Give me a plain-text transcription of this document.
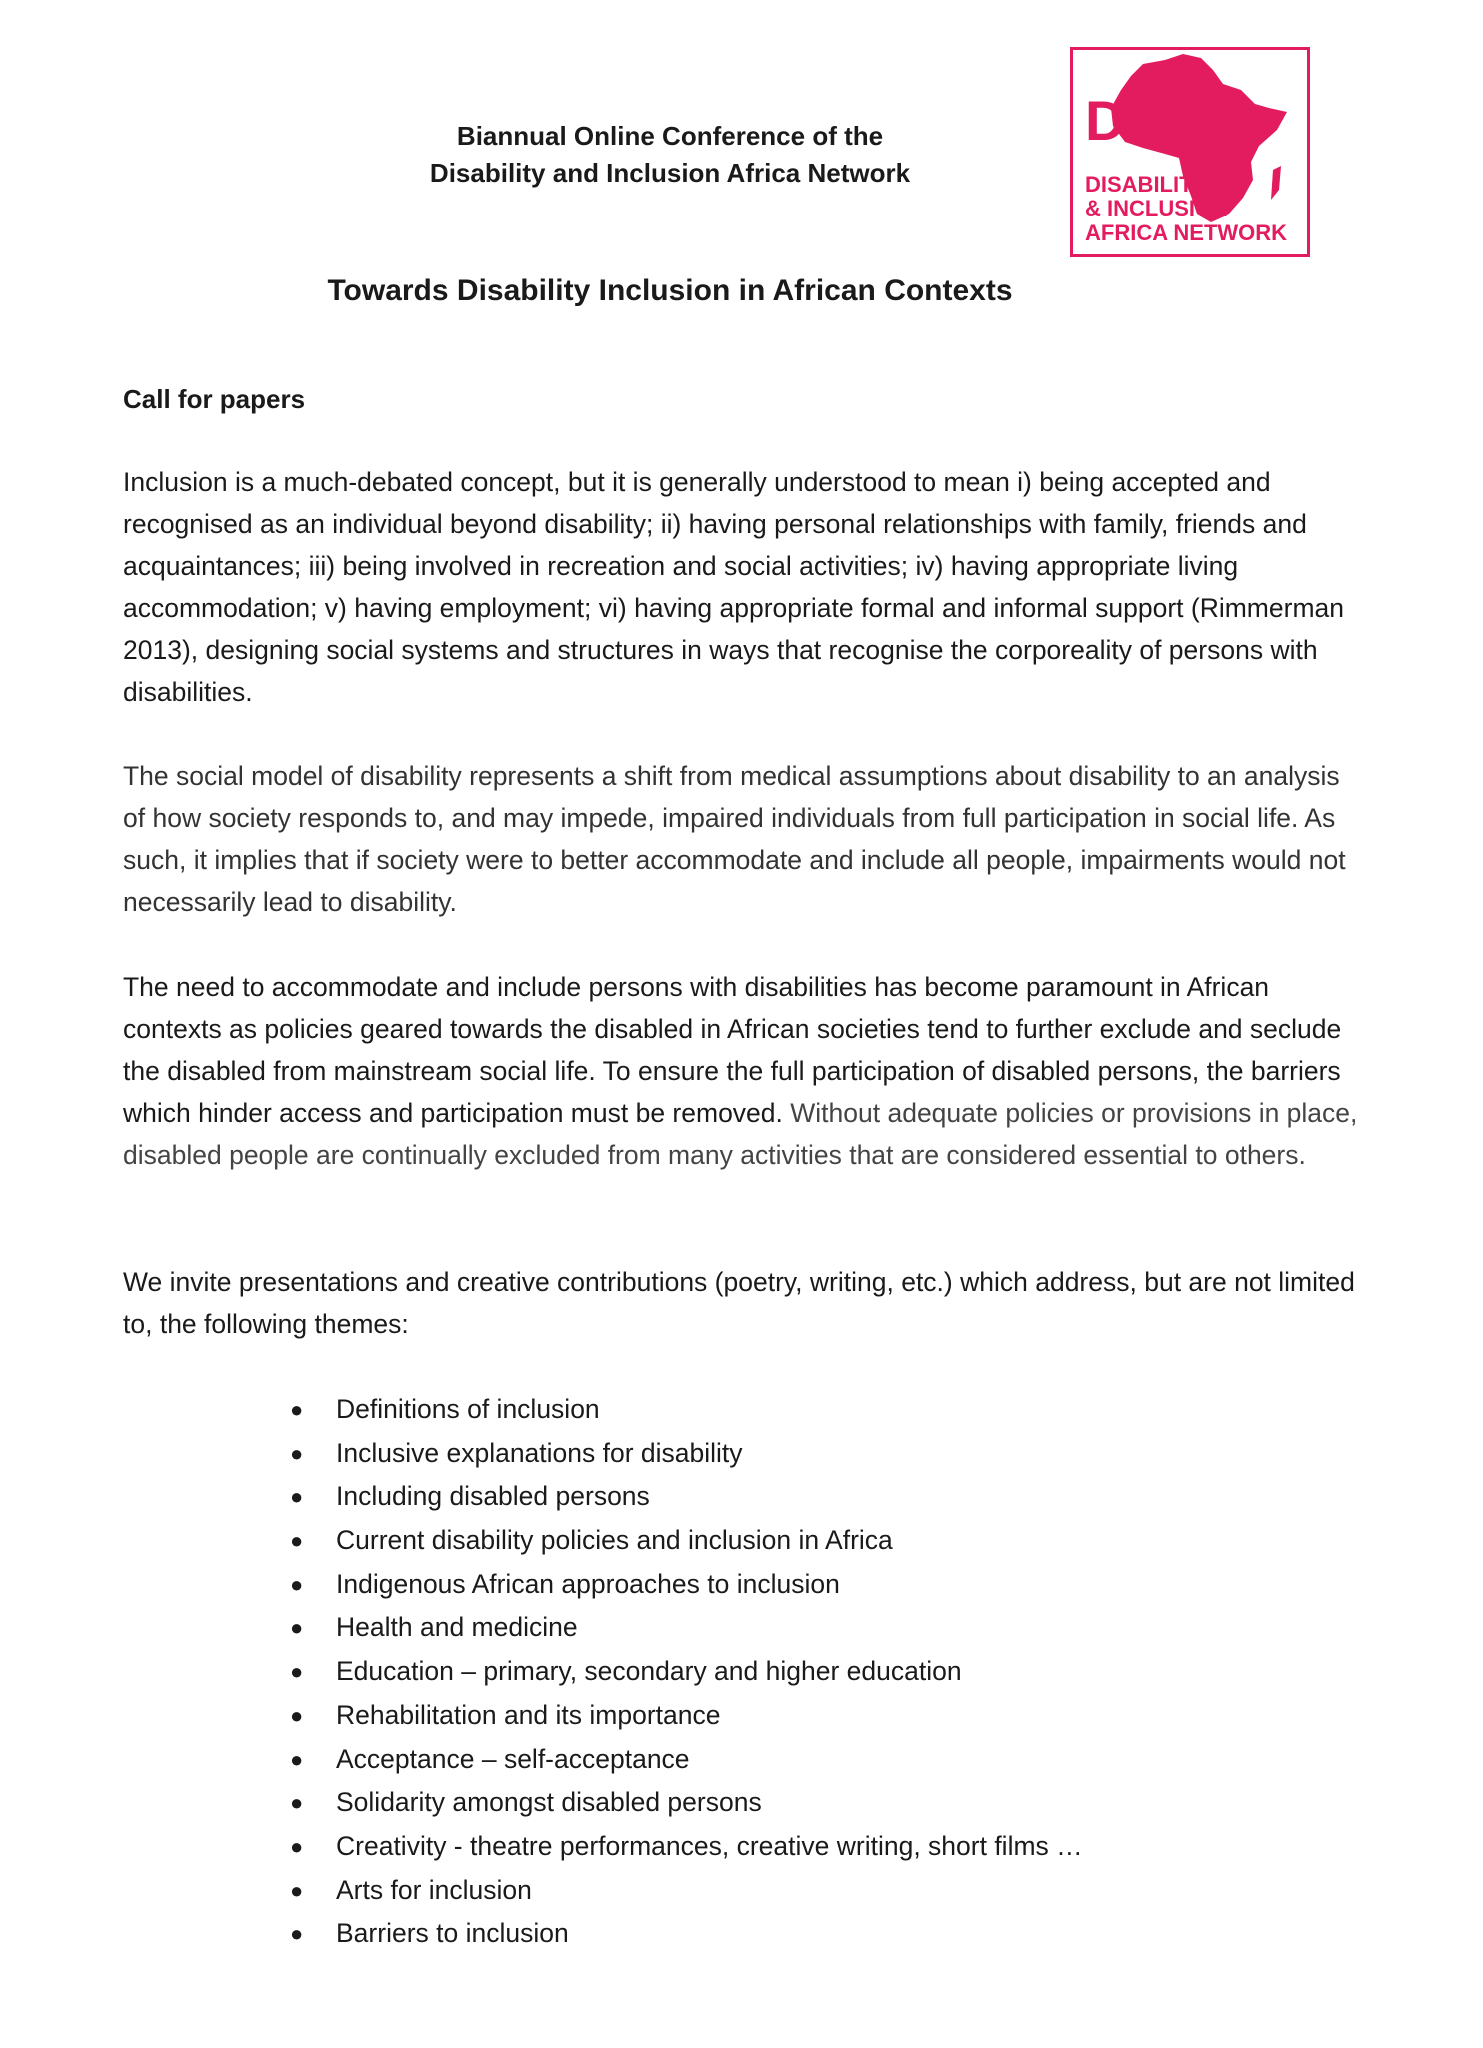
Biannual Online Conference of the
Disability and Inclusion Africa Network
DIA
DISABILITY
& INCLUSION
AFRICA NETWORK
Towards Disability Inclusion in African Contexts
Call for papers

Inclusion is a much-debated concept, but it is generally understood to mean i) being accepted and recognised as an individual beyond disability; ii) having personal relationships with family, friends and acquaintances; iii) being involved in recreation and social activities; iv) having appropriate living accommodation; v) having employment; vi) having appropriate formal and informal support (Rimmerman 2013), designing social systems and structures in ways that recognise the corporeality of persons with disabilities.

The social model of disability represents a shift from medical assumptions about disability to an analysis of how society responds to, and may impede, impaired individuals from full participation in social life. As such, it implies that if society were to better accommodate and include all people, impairments would not necessarily lead to disability.

The need to accommodate and include persons with disabilities has become paramount in African contexts as policies geared towards the disabled in African societies tend to further exclude and seclude the disabled from mainstream social life. To ensure the full participation of disabled persons, the barriers which hinder access and participation must be removed. Without adequate policies or provisions in place, disabled people are continually excluded from many activities that are considered essential to others.

We invite presentations and creative contributions (poetry, writing, etc.) which address, but are not limited to, the following themes:

● Definitions of inclusion
● Inclusive explanations for disability
● Including disabled persons
● Current disability policies and inclusion in Africa
● Indigenous African approaches to inclusion
● Health and medicine
● Education – primary, secondary and higher education
● Rehabilitation and its importance
● Acceptance – self-acceptance
● Solidarity amongst disabled persons
● Creativity - theatre performances, creative writing, short films …
● Arts for inclusion
● Barriers to inclusion
